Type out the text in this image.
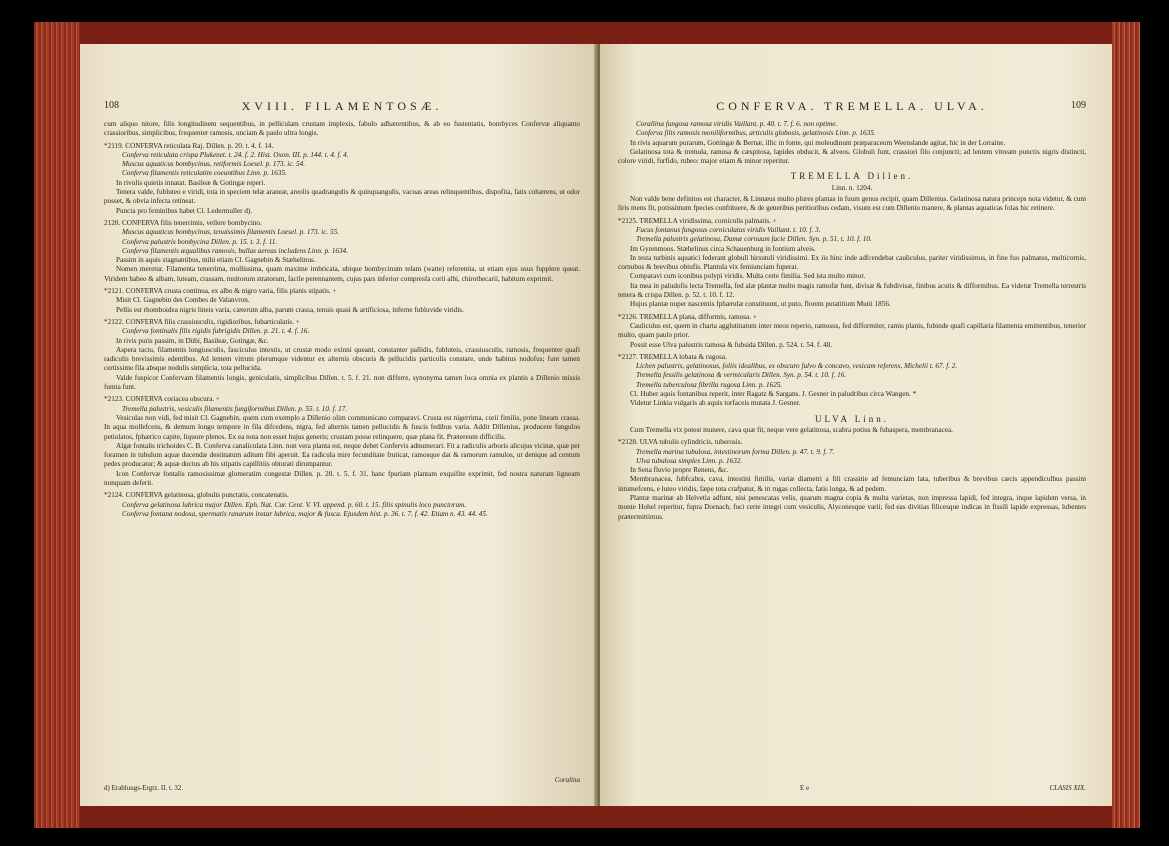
108	XVIII. FILAMENTOSÆ.

cum aliquo nitore, filis longitudinem sequentibus, in pelliculam crustam implexis, fabulo adhærentibus, & ab eo fustentatis, bombyces Confervæ aliquanto crassioribus, simplicibus, frequenter ramosis, unciam & paulo ultra longis.

*2119. CONFERVA reticulata Raj. Dillen. p. 20. t. 4. f. 14.

Conferva reticulata crispa Plukenet. t. 24. f. 2. Hist. Oxon. III. p. 144. t. 4. f. 4.

Muscus aquaticus bombycinus, retiformis Loesel. p. 173. ic. 54.

Conferva filamentis reticulatim coeuntibus Linn. p. 1635.

In rivulis quietis innatat. Basileæ & Gotingæ reperi.

Tenera valde, fubluteo e viridi, tota in speciem telæ araneæ, areolis quadrangulis & quinquangulis, vacuas areas relinquentibus, dispofita, fatis cohærens, ut odor posset, & obvia infecta retineat.

Puncta pro feminibus habet Cl. Ledermuller d).

2120. CONFERVA filis tenerrimis, vellere bombycino.

Muscus aquaticus bombycinus, tenuissimis filamentis Loesel. p. 173. ic. 55.

Conferva palustris bombycina Dillen. p. 15. t. 3. f. 11.

Conferva filamentis æqualibus ramosis, bullas aereas includens Linn. p. 1634.

Passim in aquis stagnantibus, mihi etiam Cl. Gagnebin & Stæhelinus.

Nomen meretur. Filamenta tenerrima, mollissima, quam maxime imbricata, ubique bombycinum telam (watte) referentia, ut etiam ejus usus fupplere queat. Viridem habeo & albam, luteam, crassam, multorum stratorum, facile perennantem, cujus pars inferior compresfa corii albi, chirothecarii, habitum exprimit.

*2121. CONFERVA crusta continua, ex albo & nigro varia, filis planis stipatis. +

Misit Cl. Gagnebin des Combes de Valanvron.

Pellis est rhomboidea nigris lineis varia, cæterum alba, parum crassa, tenuis quasi & artificiosa, inferne fubluvide viridis.

*2122. CONFERVA filis crassiusculis, rigidioribus, fubarticulatis. +

Conferva fontinalis filis rigidis fubrigidis Dillen. p. 21. t. 4. f. 16.

In rivis puris passim, in Dübi, Basileæ, Gotingæ, &c.

Aspera tactu, filamentis longiusculis, fasciculus intextis, ut crustæ modo exinni queant, constanter pallidis, fubluteis, crassiusculis, ramosis, frequenter quafi radiculis brevissimis edentibus. Ad lentem vitrum plerumque videntur ex alternis obscuris & pellucidis particulis constare, unde habitus nodofus; funt tamen certissime fila absque nodulis simplicia, tota pellucida.

Valde fuspicor Confervam filamentis longis, geniculatis, simplicibus Dillen. t. 5. f. 21. non differre, synonyma tamen loca omnia ex plantis a Dillenio missis fumta funt.

*2123. CONFERVA coriacea obscura. +

Tremella palustris, vesiculis filamentis fungiformibus Dillen. p. 55. t. 10. f. 17.

Vesiculas non vidi, fed misit Cl. Gagnebin, quem cum exemplo a Dillenio olim communicato comparavi. Crusta est nigerrima, corii fimilis, pone lineam crassa. In aqua mollefcens, & demum longo tempore in fila difcedens, nigra, fed alternis tamen pellucidis & fuscis fedibus varia. Addit Dillenius, producere fungulos petiolatos, fphærico capite, liquore plenos. Ex ea nota non esset hujus generis; crustam posse relinquere, quæ plana fit. Prætereum difficilis.

Algæ fontalis trichoides C. B. Conferva canaliculata Linn. non vera planta est, neque debet Confervis adnumerari. Fit a radiculis arboris alicujus vicinæ, quæ per foramen in tubulum aquæ ducendæ destinatum aditum fibi aperuit. Ea radicula mire fecunditate fruticat, ramosque dat & ramorum ramulos, ut denique ad centum pedes producatur; & aquæ ductus ab his stipatis capillitiis obturati dirumpantur.

Icon Confervæ fontalis ramosissimæ glomeratim congestæ Dillen. p. 20. t. 5. f. 31. hanc fpuriam plantam exquifite exprimit, fed nostra naturam ligneam nunquam deferit.

*2124. CONFERVA gelatinosa, globulis punctatis, concatenatis.

Conferva gelatinosa lubrica major Dillen. Eph. Nat. Cur. Cent. V. VI. append. p. 60. t. 15. filis spinulis loco punctorum.

Conferva fontana nodosa, spermatis ranarum instar lubrica, major & fusca. Ejusdem hist. p. 36. t. 7. f. 42. Etiam n. 43. 44. 45.

d) Erabluugs-Ergtz. II. t. 32.
Coralina
CONFERVA. TREMELLA. ULVA.	109

Corallina fungosa ramosa viridis Vaillant. p. 40. t. 7. f. 6. non optime.

Conferva filis ramosis moniliformibus, articulis globosis, gelatinosis Linn. p. 1635.

In rivis aquarum purarum, Gottingæ & Bernæ, illic in fonte, qui moleudinum præparaceum Weenslande agitat, hic in der Lorraine.

Gelatinosa tota & tremula, ramosa & cæspitosa, lapides obducit, & alveos. Globuli funt, crassiori filo conjuncti; ad lentem vitream punctis nigris distincti, colore viridi, furfido, rubeo: major etiam & minor reperitur.

TREMELLA Dillen.
Linn. n. 1204.

Non valde bene definitos est character, & Linnæus multo plures plantas in fuum genus recipit, quam Dillenius. Gelatinosa natura princeps nota videtur, & cum ſiris mens fit, potissimum fpecies conftituere, & de generibus peritioribus cedam, visum est cum Dillenio manere, & plantas aquaticas folas hic retinere.

*2125. TREMELLA viridissima, corniculis palmatis. +

Fucus fontanus fungosus corniculatus viridis Vaillant. t. 10. f. 3.

Tremella palustris gelatinosa, Damæ cornuum facie Dillen. Syn. p. 51. t. 10. f. 10.

Im Gyrenmoos. Stæhelinus circa Schauenburg in fontium alveis.

In testa turbinis aquatici federant globuli hirsutuli viridissimi. Ex iis hinc inde adfcendebat cauliculus, pariter viridissimus, in fine fuo palmatus, multicornis, cornubus & brevibus obtufis. Plantula vix femiunciam fuperat.

Comparavi cum iconibus polypi viridis. Multa certe fimilia. Sed ista multo minor.

Ita mea in paludofis lecta Tremella, fed alæ plantæ multo magis ramofæ funt, divisæ & fubdivisæ, finibus acutis & difformibus. Ea videtur Tremella terrestris tenera & crispa Dillen. p. 52. t. 10. f. 12.

Hujus plantæ nuper nascentis fphærulæ constituunt, ut puto, florem putatitium Mutii 1856.

*2126. TREMELLA plana, difformis, ramosa. +

Cauliculus est, quem in charta agglutinatum inter meos reperio, ramosus, fed difformiter, ramis planis, fubinde quafi capillaria filamenta emittentibus, tenerior multo, quam paulo prior.

Possit esse Ulva palustris ramosa & fubsida Dillen. p. 524. t. 54. f. 48.

*2127. TREMELLA lobata & rugosa.

Lichen palustris, gelatinosus, foliis idealibus, ex obscuro fulvo & concavo, vesicam referens, Michelii t. 67. f. 2.

Tremella fessilis gelatinosa & vermicularis Dillen. Syn. p. 54. t. 10. f. 16.

Tremella tuberculosa fibrilla rugosa Linn. p. 1625.

Cl. Huber aquis fontanibus reperit, inter Ragatz & Sargans. J. Gesner in paludribus circa Wangen. *

Videtur Linkia vulgaris ab aquis torfaceis mutata J. Gesner.

ULVA Linn.

Cum Tremella vix potest munere, cava quæ fit, neque vere gelatinosa, scabra potius & fubaspera, membranacea.

*2128. ULVA tubulis cylindricis, tuberosis.

Tremella marina tubulosa, intestinorum forma Dillen. p. 47. t. 9. f. 7.

Ulva tubulosa simplex Linn. p. 1632.

In Sena fluvio propre Renens, &c.

Membranacea, fubfcabra, cava, intestini fimilis, variæ diametri a fili crassitie ad femunciam lata, tuberibus & brevibus cæcis appendiculbus passim intumefcens, e luteo viridis, fæpe tota crafpatur, & in rugas collecta, fatis longa, & ad pedem.

Plantæ marinæ ab Helvetia adfunt, nisi penescatas velis, quarum magna copia & multa varietas, non impressa lapidi, fed integra, inque lapidem versa, in monte Hohel reperitur, fupra Dornach, fuci certe integri cum vesiculis, Alyconesque varii; fed eas divitias filicesque indicas in fissili lapide expressas, lubentes prætermittimus.

E e	CLASIS XIX.
